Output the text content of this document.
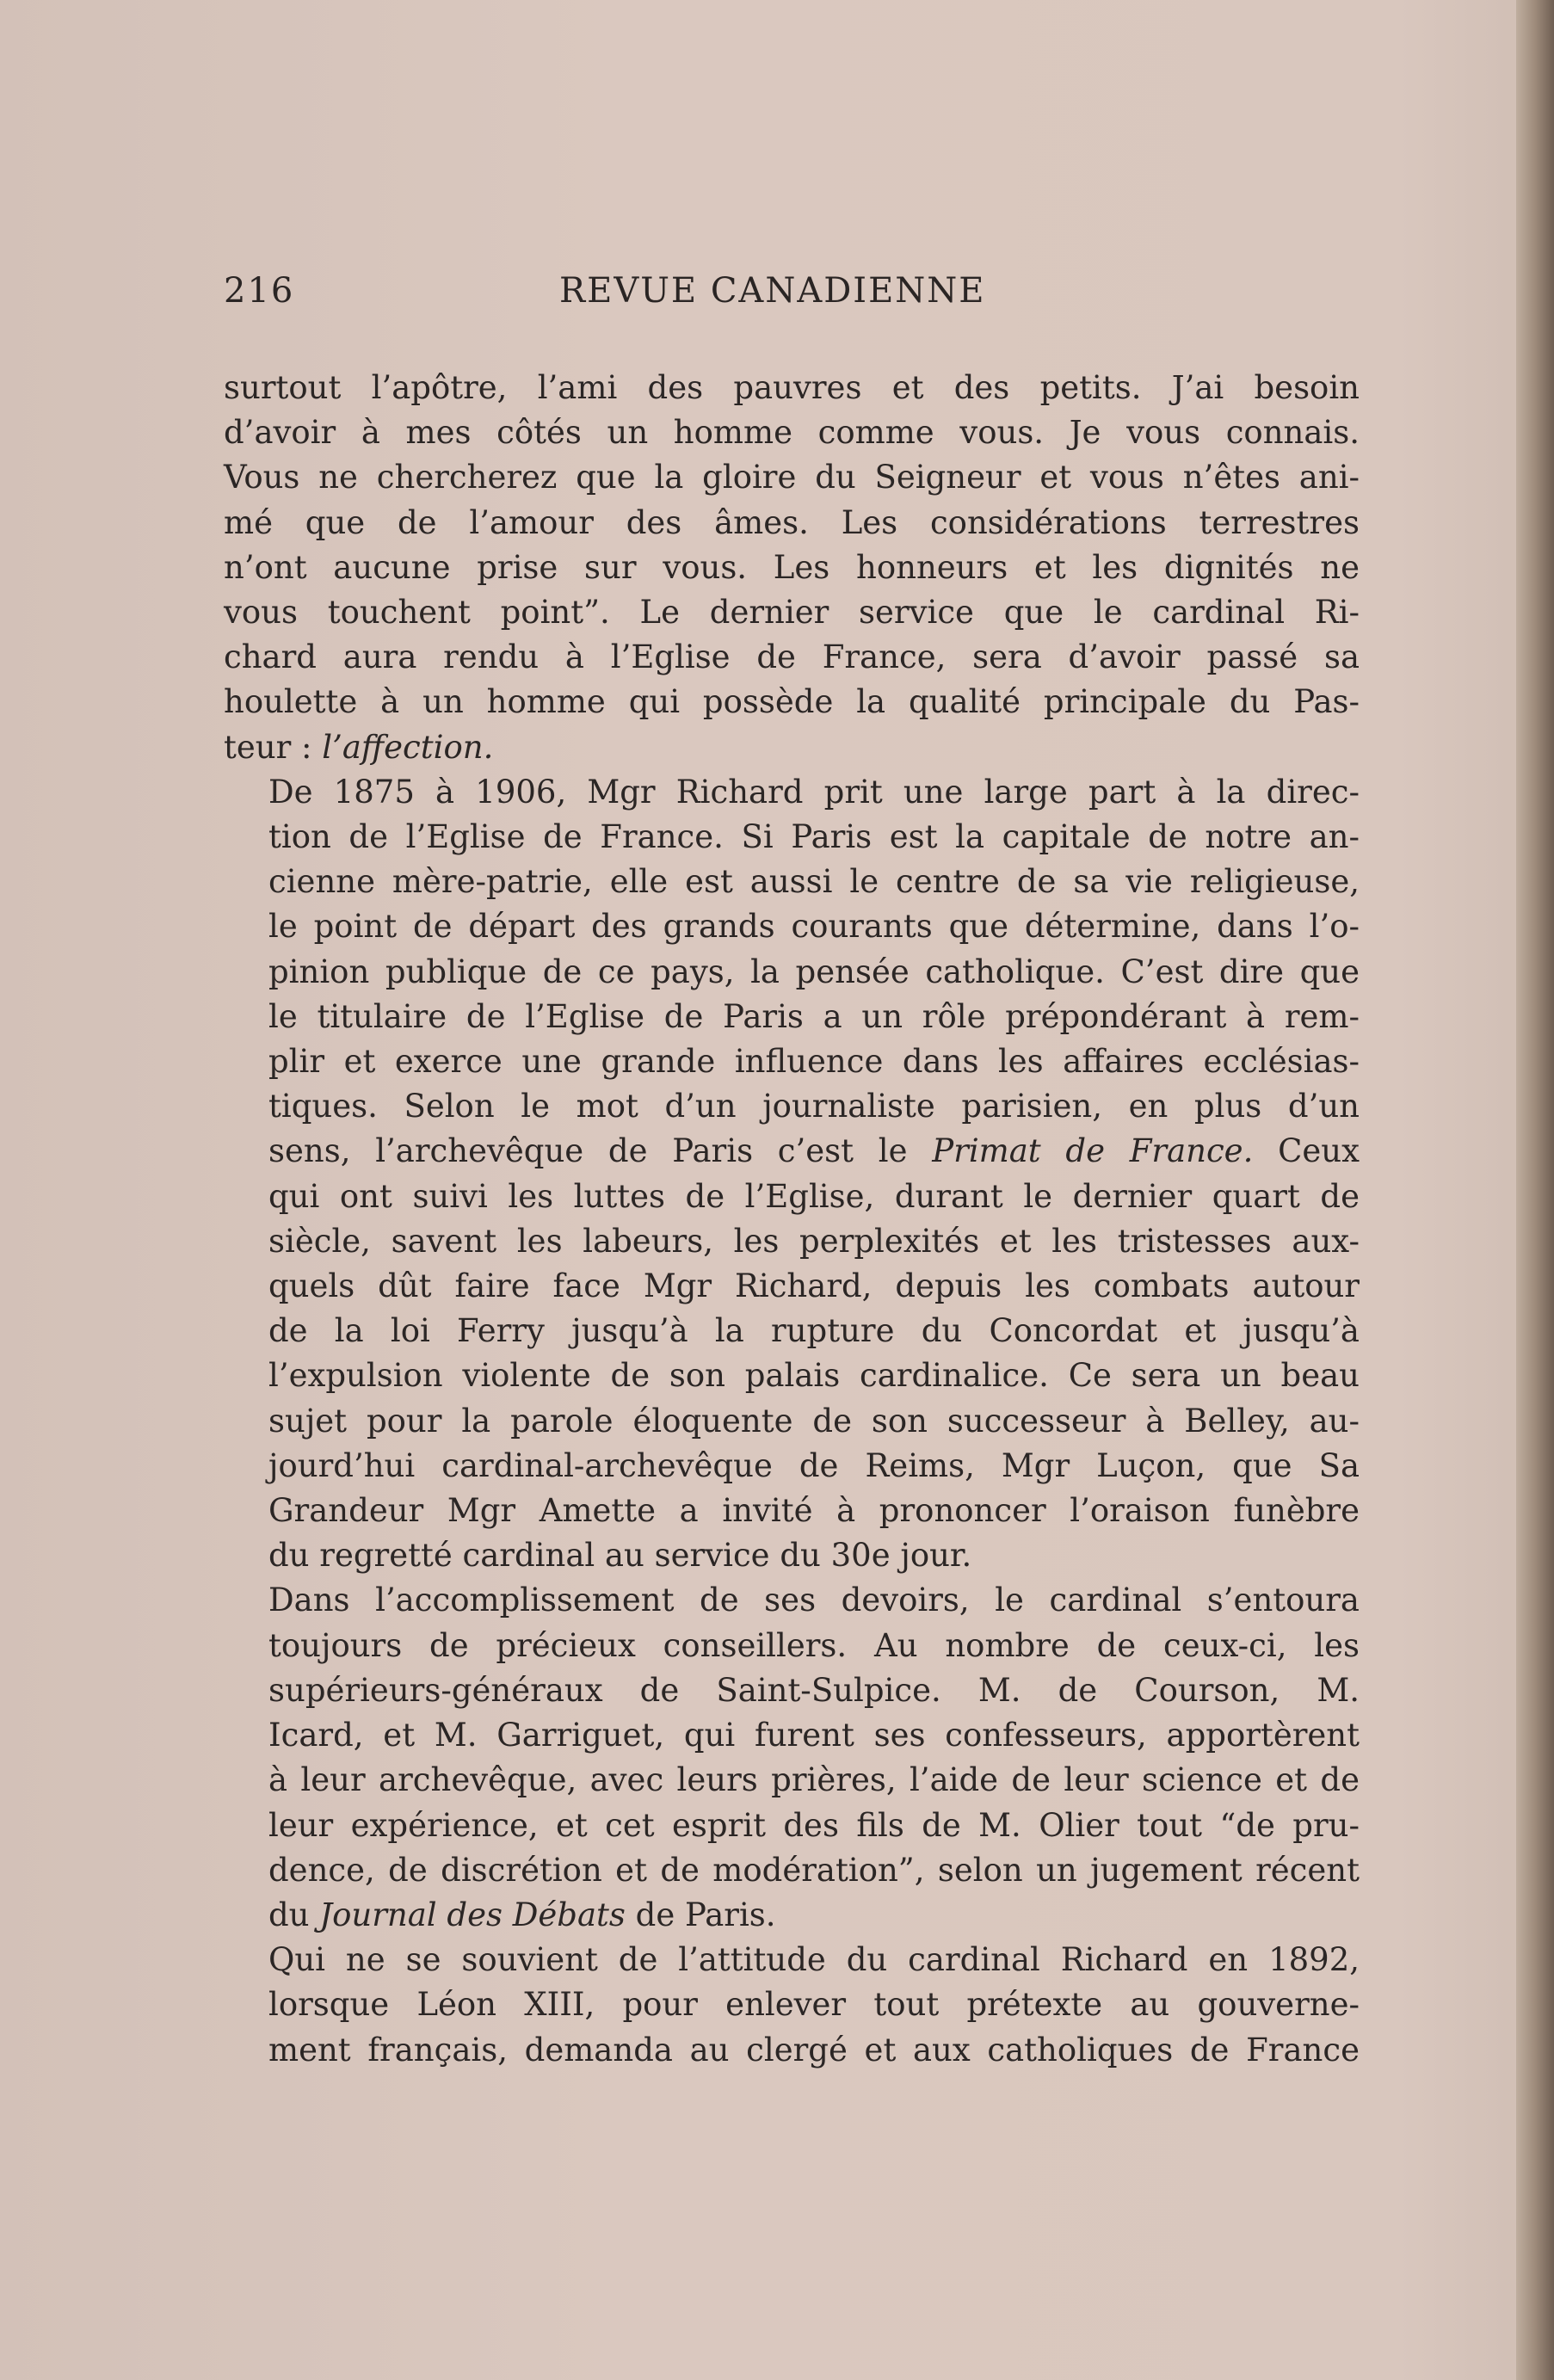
216	REVUE CANADIENNE

surtout l’apôtre, l’ami des pauvres et des petits. J’ai besoin
d’avoir à mes côtés un homme comme vous. Je vous connais.
Vous ne chercherez que la gloire du Seigneur et vous n’êtes ani-
mé que de l’amour des âmes. Les considérations terrestres
n’ont aucune prise sur vous. Les honneurs et les dignités ne
vous touchent point”. Le dernier service que le cardinal Ri-
chard aura rendu à l’Eglise de France, sera d’avoir passé sa
houlette à un homme qui possède la qualité principale du Pas-
teur : l’affection.

De 1875 à 1906, Mgr Richard prit une large part à la direc-
tion de l’Eglise de France. Si Paris est la capitale de notre an-
cienne mère-patrie, elle est aussi le centre de sa vie religieuse,
le point de départ des grands courants que détermine, dans l’o-
pinion publique de ce pays, la pensée catholique. C’est dire que
le titulaire de l’Eglise de Paris a un rôle prépondérant à rem-
plir et exerce une grande influence dans les affaires ecclésias-
tiques. Selon le mot d’un journaliste parisien, en plus d’un
sens, l’archevêque de Paris c’est le Primat de France. Ceux
qui ont suivi les luttes de l’Eglise, durant le dernier quart de
siècle, savent les labeurs, les perplexités et les tristesses aux-
quels dût faire face Mgr Richard, depuis les combats autour
de la loi Ferry jusqu’à la rupture du Concordat et jusqu’à
l’expulsion violente de son palais cardinalice. Ce sera un beau
sujet pour la parole éloquente de son successeur à Belley, au-
jourd’hui cardinal-archevêque de Reims, Mgr Luçon, que Sa
Grandeur Mgr Amette a invité à prononcer l’oraison funèbre
du regretté cardinal au service du 30e jour.

Dans l’accomplissement de ses devoirs, le cardinal s’entoura
toujours de précieux conseillers. Au nombre de ceux-ci, les
supérieurs-généraux de Saint-Sulpice. M. de Courson, M.
Icard, et M. Garriguet, qui furent ses confesseurs, apportèrent
à leur archevêque, avec leurs prières, l’aide de leur science et de
leur expérience, et cet esprit des fils de M. Olier tout “de pru-
dence, de discrétion et de modération”, selon un jugement récent
du Journal des Débats de Paris.

Qui ne se souvient de l’attitude du cardinal Richard en 1892,
lorsque Léon XIII, pour enlever tout prétexte au gouverne-
ment français, demanda au clergé et aux catholiques de France
